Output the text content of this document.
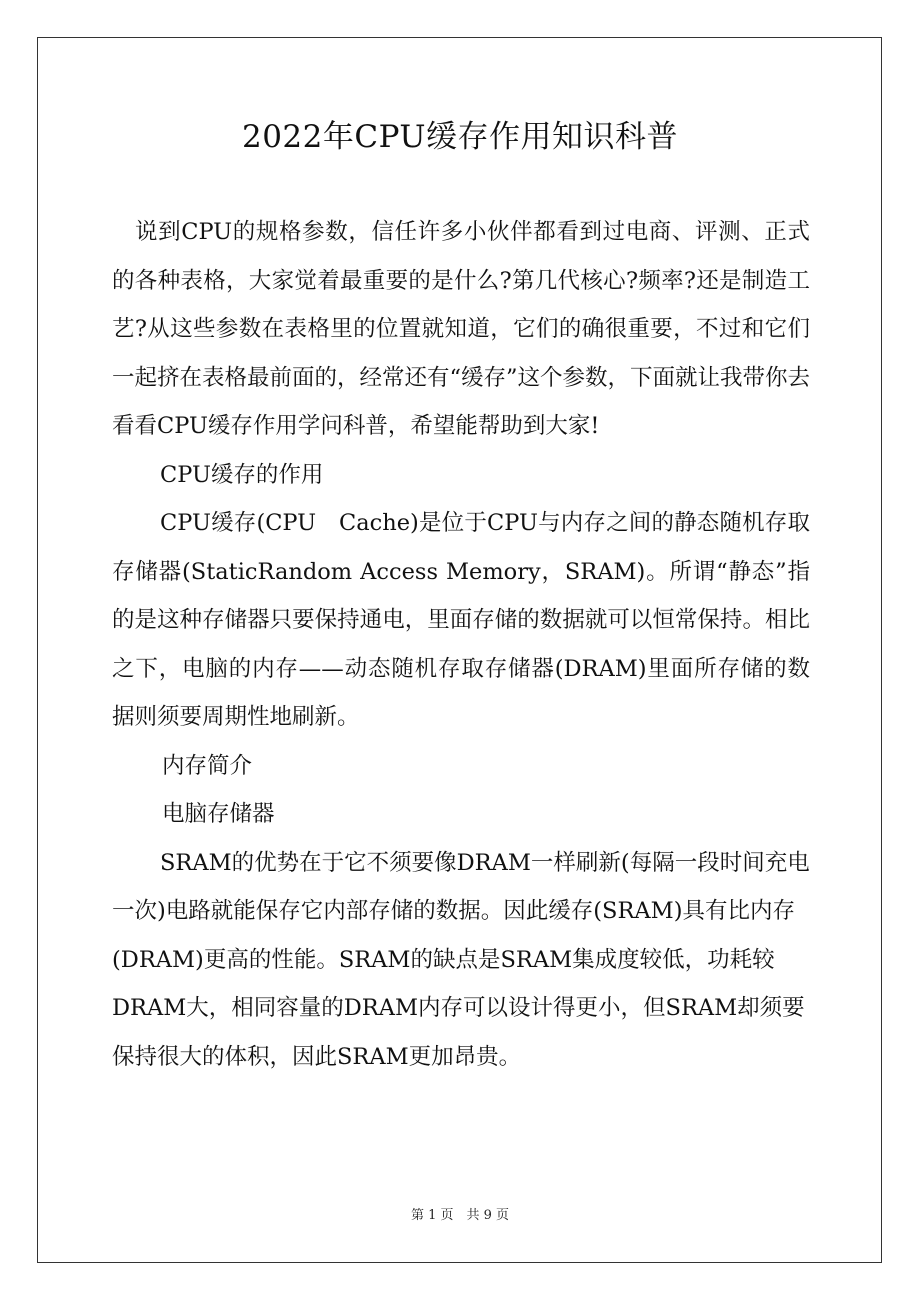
2022年CPU缓存作用知识科普

说到CPU的规格参数，信任许多小伙伴都看到过电商、评测、正式的各种表格，大家觉着最重要的是什么?第几代核心?频率?还是制造工艺?从这些参数在表格里的位置就知道，它们的确很重要，不过和它们一起挤在表格最前面的，经常还有“缓存”这个参数，下面就让我带你去看看CPU缓存作用学问科普，希望能帮助到大家!

CPU缓存的作用

CPU缓存(CPU　Cache)是位于CPU与内存之间的静态随机存取存储器(StaticRandom Access Memory，SRAM)。所谓“静态”指的是这种存储器只要保持通电，里面存储的数据就可以恒常保持。相比之下，电脑的内存——动态随机存取存储器(DRAM)里面所存储的数据则须要周期性地刷新。

内存简介

电脑存储器

SRAM的优势在于它不须要像DRAM一样刷新(每隔一段时间充电一次)电路就能保存它内部存储的数据。因此缓存(SRAM)具有比内存(DRAM)更高的性能。SRAM的缺点是SRAM集成度较低，功耗较DRAM大，相同容量的DRAM内存可以设计得更小，但SRAM却须要保持很大的体积，因此SRAM更加昂贵。

第 1 页　共 9 页
